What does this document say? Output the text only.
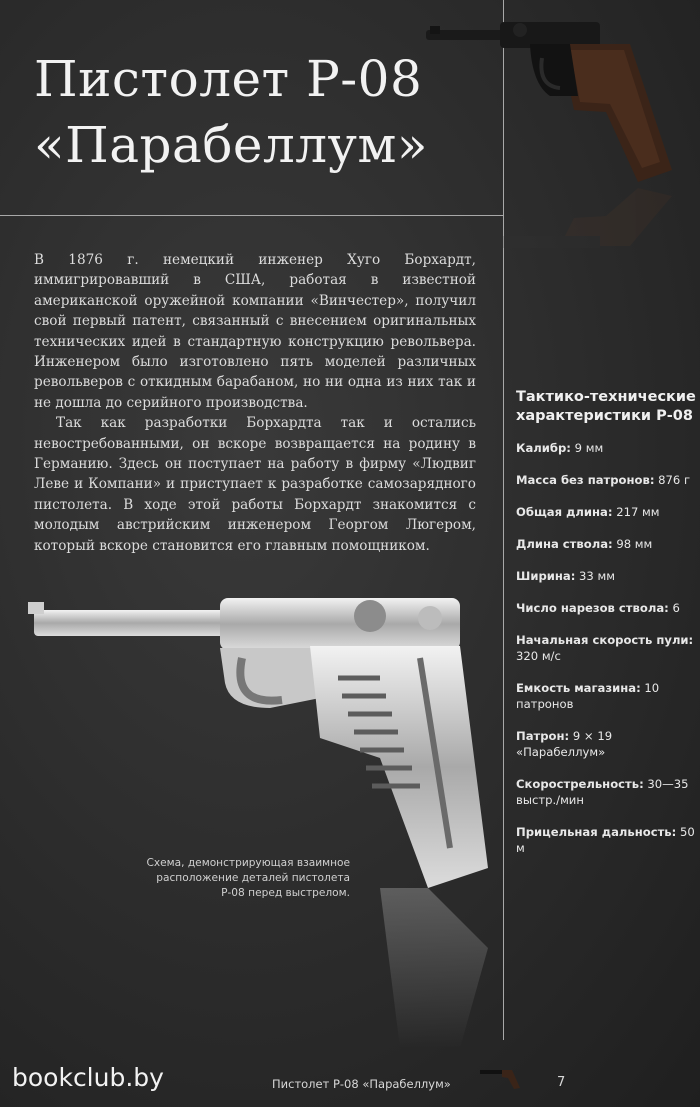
Пистолет Р-08
«Парабеллум»

В 1876 г. немецкий инженер Хуго Борхардт, иммигрировавший в США, работая в известной американской оружейной компании «Винчестер», получил свой первый патент, связанный с внесением оригинальных технических идей в стандартную конструкцию револьвера. Инженером было изготовлено пять моделей различных револьверов с откидным барабаном, но ни одна из них так и не дошла до серийного производства.

Так как разработки Борхардта так и остались невостребованными, он вскоре возвращается на родину в Германию. Здесь он поступает на работу в фирму «Людвиг Леве и Компани» и приступает к разработке самозарядного пистолета. В ходе этой работы Борхардт знакомится с молодым австрийским инженером Георгом Люгером, который вскоре становится его главным помощником.

Схема, демонстрирующая взаимное расположение деталей пистолета Р-08 перед выстрелом.

Тактико-технические характеристики Р-08
Калибр: 9 мм
Масса без патронов: 876 г
Общая длина: 217 мм
Длина ствола: 98 мм
Ширина: 33 мм
Число нарезов ствола: 6
Начальная скорость пули: 320 м/с
Емкость магазина: 10 патронов
Патрон: 9 × 19 «Парабеллум»
Скорострельность: 30—35 выстр./мин
Прицельная дальность: 50 м
bookclub.by	Пистолет Р-08 «Парабеллум»	7
